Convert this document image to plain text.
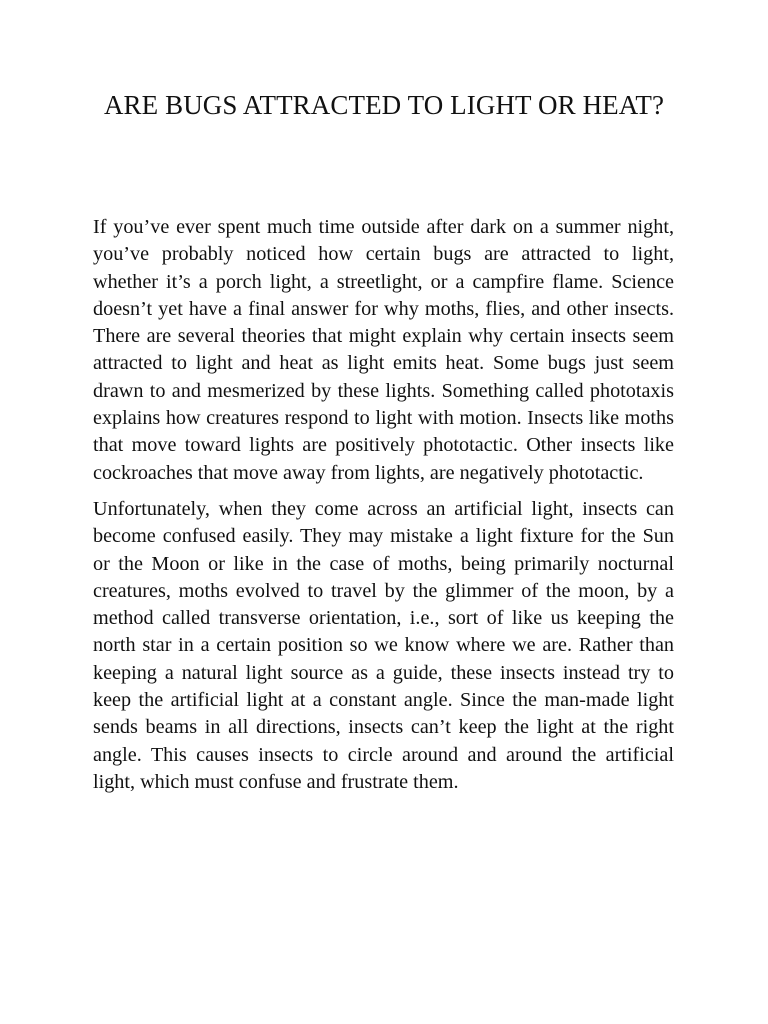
ARE BUGS ATTRACTED TO LIGHT OR HEAT?

If you’ve ever spent much time outside after dark on a summer night, you’ve probably noticed how certain bugs are attracted to light, whether it’s a porch light, a streetlight, or a campfire flame. Science doesn’t yet have a final answer for why moths, flies, and other insects. There are several theories that might explain why certain insects seem attracted to light and heat as light emits heat. Some bugs just seem drawn to and mesmerized by these lights. Something called phototaxis explains how creatures respond to light with motion. Insects like moths that move toward lights are positively phototactic. Other insects like cockroaches that move away from lights, are negatively phototactic.

Unfortunately, when they come across an artificial light, insects can become confused easily. They may mistake a light fixture for the Sun or the Moon or like in the case of moths, being primarily nocturnal creatures, moths evolved to travel by the glimmer of the moon, by a method called transverse orientation, i.e., sort of like us keeping the north star in a certain position so we know where we are. Rather than keeping a natural light source as a guide, these insects instead try to keep the artificial light at a constant angle. Since the man-made light sends beams in all directions, insects can’t keep the light at the right angle. This causes insects to circle around and around the artificial light, which must confuse and frustrate them.
